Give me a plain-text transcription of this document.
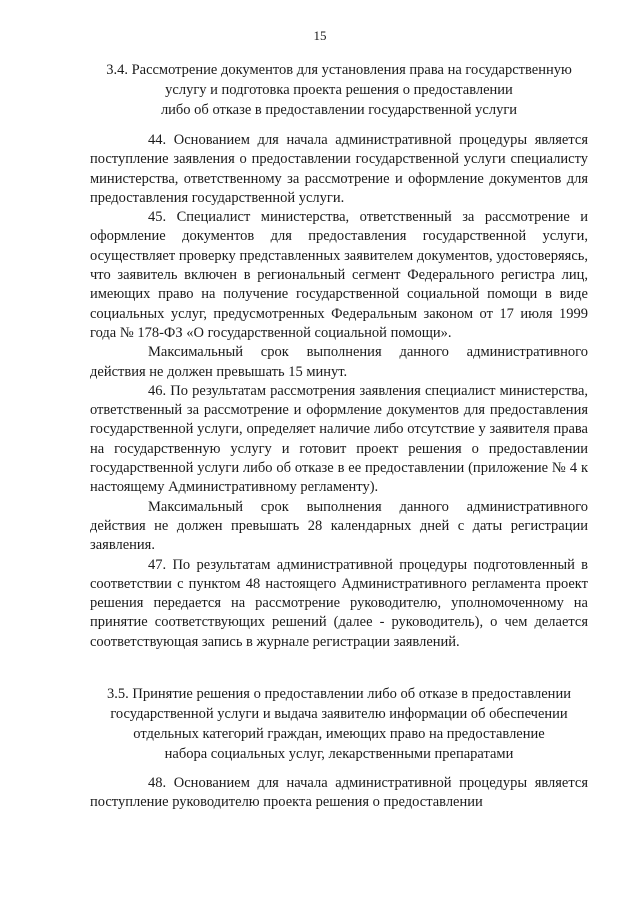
15
3.4. Рассмотрение документов для установления права на государственную
услугу и подготовка проекта решения о предоставлении
либо об отказе в предоставлении государственной услуги

44. Основанием для начала административной процедуры является поступление заявления о предоставлении государственной услуги специалисту министерства, ответственному за рассмотрение и оформление документов для предоставления государственной услуги.

45. Специалист министерства, ответственный за рассмотрение и оформление документов для предоставления государственной услуги, осуществляет проверку представленных заявителем документов, удостоверяясь, что заявитель включен в региональный сегмент Федерального регистра лиц, имеющих право на получение государственной социальной помощи в виде социальных услуг, предусмотренных Федеральным законом от 17 июля 1999 года № 178-ФЗ «О государственной социальной помощи».

Максимальный срок выполнения данного административного действия не должен превышать 15 минут.

46. По результатам рассмотрения заявления специалист министерства, ответственный за рассмотрение и оформление документов для предоставления государственной услуги, определяет наличие либо отсутствие у заявителя права на государственную услугу и готовит проект решения о предоставлении государственной услуги либо об отказе в ее предоставлении (приложение № 4 к настоящему Административному регламенту).

Максимальный срок выполнения данного административного действия не должен превышать 28 календарных дней с даты регистрации заявления.

47. По результатам административной процедуры подготовленный в соответствии с пунктом 48 настоящего Административного регламента проект решения передается на рассмотрение руководителю, уполномоченному на принятие соответствующих решений (далее - руководитель), о чем делается соответствующая запись в журнале регистрации заявлений.

3.5. Принятие решения о предоставлении либо об отказе в предоставлении
государственной услуги и выдача заявителю информации об обеспечении
отдельных категорий граждан, имеющих право на предоставление
набора социальных услуг, лекарственными препаратами

48. Основанием для начала административной процедуры является поступление руководителю проекта решения о предоставлении
